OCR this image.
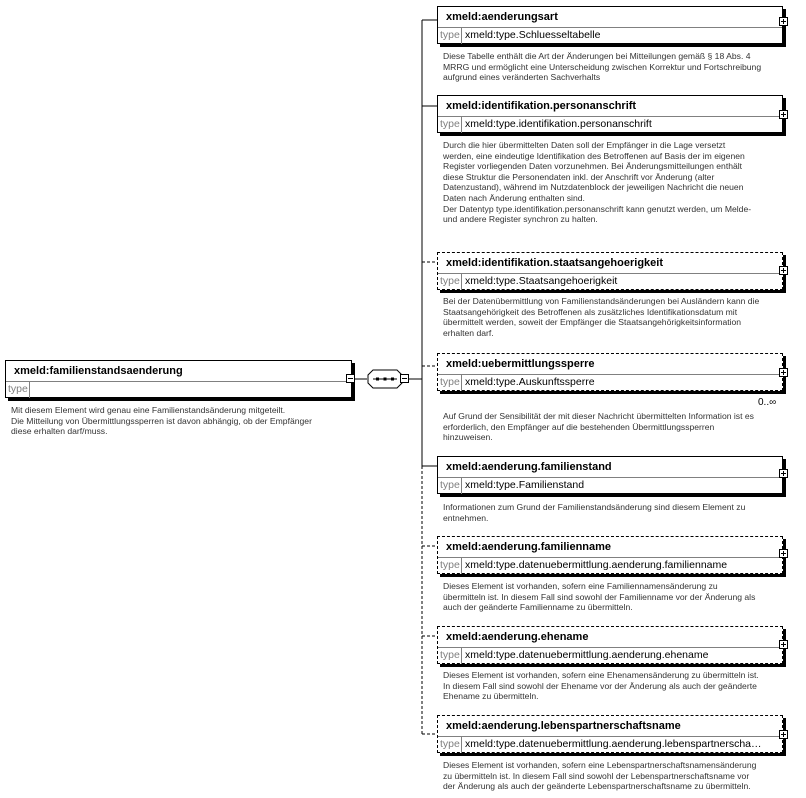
xmeld:familienstandsaenderung
type
Mit diesem Element wird genau eine Familienstandsänderung mitgeteilt.
Die Mitteilung von Übermittlungssperren ist davon abhängig, ob der Empfänger
diese erhalten darf/muss.
xmeld:aenderungsart
type xmeld:type.Schluesseltabelle
Diese Tabelle enthält die Art der Änderungen bei Mitteilungen gemäß § 18 Abs. 4
MRRG und ermöglicht eine Unterscheidung zwischen Korrektur und Fortschreibung
aufgrund eines veränderten Sachverhalts
xmeld:identifikation.personanschrift
type xmeld:type.identifikation.personanschrift
Durch die hier übermittelten Daten soll der Empfänger in die Lage versetzt
werden, eine eindeutige Identifikation des Betroffenen auf Basis der im eigenen
Register vorliegenden Daten vorzunehmen. Bei Änderungsmitteilungen enthält
diese Struktur die Personendaten inkl. der Anschrift vor Änderung (alter
Datenzustand), während im Nutzdatenblock der jeweiligen Nachricht die neuen
Daten nach Änderung enthalten sind.
Der Datentyp type.identifikation.personanschrift kann genutzt werden, um Melde-
und andere Register synchron zu halten.
xmeld:identifikation.staatsangehoerigkeit
type xmeld:type.Staatsangehoerigkeit
Bei der Datenübermittlung von Familienstandsänderungen bei Ausländern kann die
Staatsangehörigkeit des Betroffenen als zusätzliches Identifikationsdatum mit
übermittelt werden, soweit der Empfänger die Staatsangehörigkeitsinformation
erhalten darf.
xmeld:uebermittlungssperre
type xmeld:type.Auskunftssperre
0..∞
Auf Grund der Sensibilität der mit dieser Nachricht übermittelten Information ist es
erforderlich, den Empfänger auf die bestehenden Übermittlungssperren
hinzuweisen.
xmeld:aenderung.familienstand
type xmeld:type.Familienstand
Informationen zum Grund der Familienstandsänderung sind diesem Element zu
entnehmen.
xmeld:aenderung.familienname
type xmeld:type.datenuebermittlung.aenderung.familienname
Dieses Element ist vorhanden, sofern eine Familiennamensänderung zu
übermitteln ist. In diesem Fall sind sowohl der Familienname vor der Änderung als
auch der geänderte Familienname zu übermitteln.
xmeld:aenderung.ehename
type xmeld:type.datenuebermittlung.aenderung.ehename
Dieses Element ist vorhanden, sofern eine Ehenamensänderung zu übermitteln ist.
In diesem Fall sind sowohl der Ehename vor der Änderung als auch der geänderte
Ehename zu übermitteln.
xmeld:aenderung.lebenspartnerschaftsname
type xmeld:type.datenuebermittlung.aenderung.lebenspartnerscha…
Dieses Element ist vorhanden, sofern eine Lebenspartnerschaftsnamensänderung
zu übermitteln ist. In diesem Fall sind sowohl der Lebenspartnerschaftsname vor
der Änderung als auch der geänderte Lebenspartnerschaftsname zu übermitteln.
